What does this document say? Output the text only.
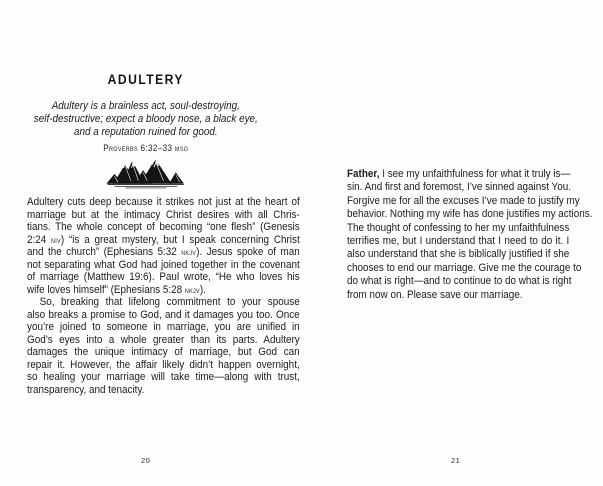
ADULTERY
Adultery is a brainless act, soul-destroying,
self-destructive; expect a bloody nose, a black eye,
and a reputation ruined for good.
Proverbs 6:32–33 msg
Adultery cuts deep because it strikes not just at the heart of
marriage but at the intimacy Christ desires with all Chris-
tians. The whole concept of becoming “one flesh” (Genesis
2:24 niv) “is a great mystery, but I speak concerning Christ
and the church” (Ephesians 5:32 nkjv). Jesus spoke of man
not separating what God had joined together in the covenant
of marriage (Matthew 19:6). Paul wrote, “He who loves his
wife loves himself” (Ephesians 5:28 nkjv).
So, breaking that lifelong commitment to your spouse
also breaks a promise to God, and it damages you too. Once
you’re joined to someone in marriage, you are unified in
God’s eyes into a whole greater than its parts. Adultery
damages the unique intimacy of marriage, but God can
repair it. However, the affair likely didn’t happen overnight,
so healing your marriage will take time—along with trust,
transparency, and tenacity.
20
Father, I see my unfaithfulness for what it truly is—
sin. And first and foremost, I’ve sinned against You.
Forgive me for all the excuses I’ve made to justify my
behavior. Nothing my wife has done justifies my actions.
The thought of confessing to her my unfaithfulness
terrifies me, but I understand that I need to do it. I
also understand that she is biblically justified if she
chooses to end our marriage. Give me the courage to
do what is right—and to continue to do what is right
from now on. Please save our marriage.
21
